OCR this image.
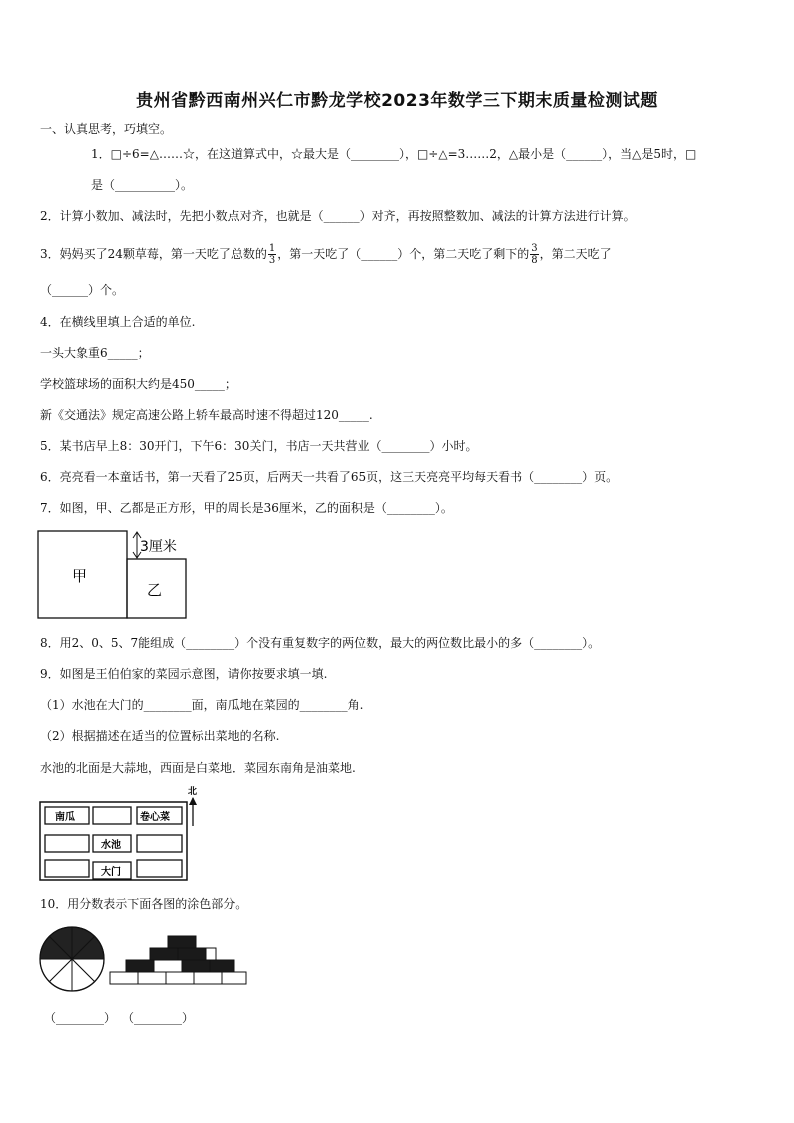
贵州省黔西南州兴仁市黔龙学校2023年数学三下期末质量检测试题
一、认真思考，巧填空。
1．□÷6=△……☆，在这道算式中，☆最大是（________），□÷△=3……2，△最小是（______），当△是5时，□
是（__________）。
2．计算小数加、减法时，先把小数点对齐，也就是（______）对齐，再按照整数加、减法的计算方法进行计算。
3．妈妈买了24颗草莓，第一天吃了总数的 $\frac{1}{3}$ ，第一天吃了（______）个，第二天吃了剩下的 $\frac{3}{8}$ ，第二天吃了
（______）个。
4．在横线里填上合适的单位.
一头大象重6_____；
学校篮球场的面积大约是450_____；
新《交通法》规定高速公路上轿车最高时速不得超过120_____.
5．某书店早上8：30开门，下午6：30关门，书店一天共营业（________）小时。
6．亮亮看一本童话书，第一天看了25页，后两天一共看了65页，这三天亮亮平均每天看书（________）页。
7．如图，甲、乙都是正方形，甲的周长是36厘米，乙的面积是（________）。
甲
乙
3厘米
8．用2、0、5、7能组成（________）个没有重复数字的两位数，最大的两位数比最小的多（________）。
9．如图是王伯伯家的菜园示意图，请你按要求填一填.
（1）水池在大门的________面，南瓜地在菜园的________角.
（2）根据描述在适当的位置标出菜地的名称.
水池的北面是大蒜地，西面是白菜地．菜园东南角是油菜地.
南瓜	卷心菜
水池
大门
北
10．用分数表示下面各图的涂色部分。
（________） （________）
